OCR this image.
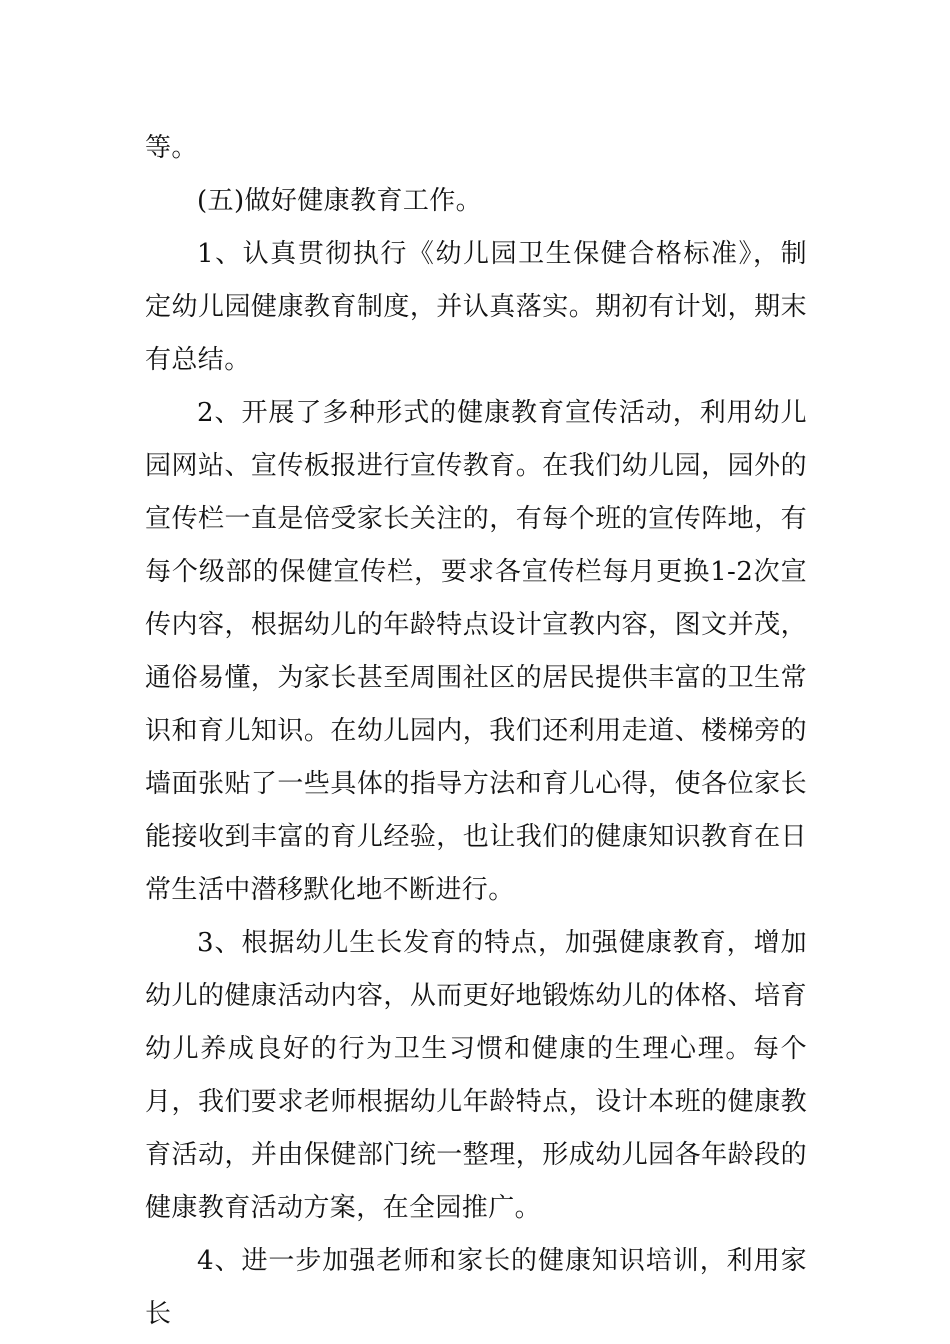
等。

(五)做好健康教育工作。

1、认真贯彻执行《幼儿园卫生保健合格标准》，制定幼儿园健康教育制度，并认真落实。期初有计划，期末有总结。

2、开展了多种形式的健康教育宣传活动，利用幼儿园网站、宣传板报进行宣传教育。在我们幼儿园，园外的宣传栏一直是倍受家长关注的，有每个班的宣传阵地，有每个级部的保健宣传栏，要求各宣传栏每月更换1-2次宣传内容，根据幼儿的年龄特点设计宣教内容，图文并茂，通俗易懂，为家长甚至周围社区的居民提供丰富的卫生常识和育儿知识。在幼儿园内，我们还利用走道、楼梯旁的墙面张贴了一些具体的指导方法和育儿心得，使各位家长能接收到丰富的育儿经验，也让我们的健康知识教育在日常生活中潜移默化地不断进行。

3、根据幼儿生长发育的特点，加强健康教育，增加幼儿的健康活动内容，从而更好地锻炼幼儿的体格、培育幼儿养成良好的行为卫生习惯和健康的生理心理。每个月，我们要求老师根据幼儿年龄特点，设计本班的健康教育活动，并由保健部门统一整理，形成幼儿园各年龄段的健康教育活动方案，在全园推广。

4、进一步加强老师和家长的健康知识培训，利用家长
